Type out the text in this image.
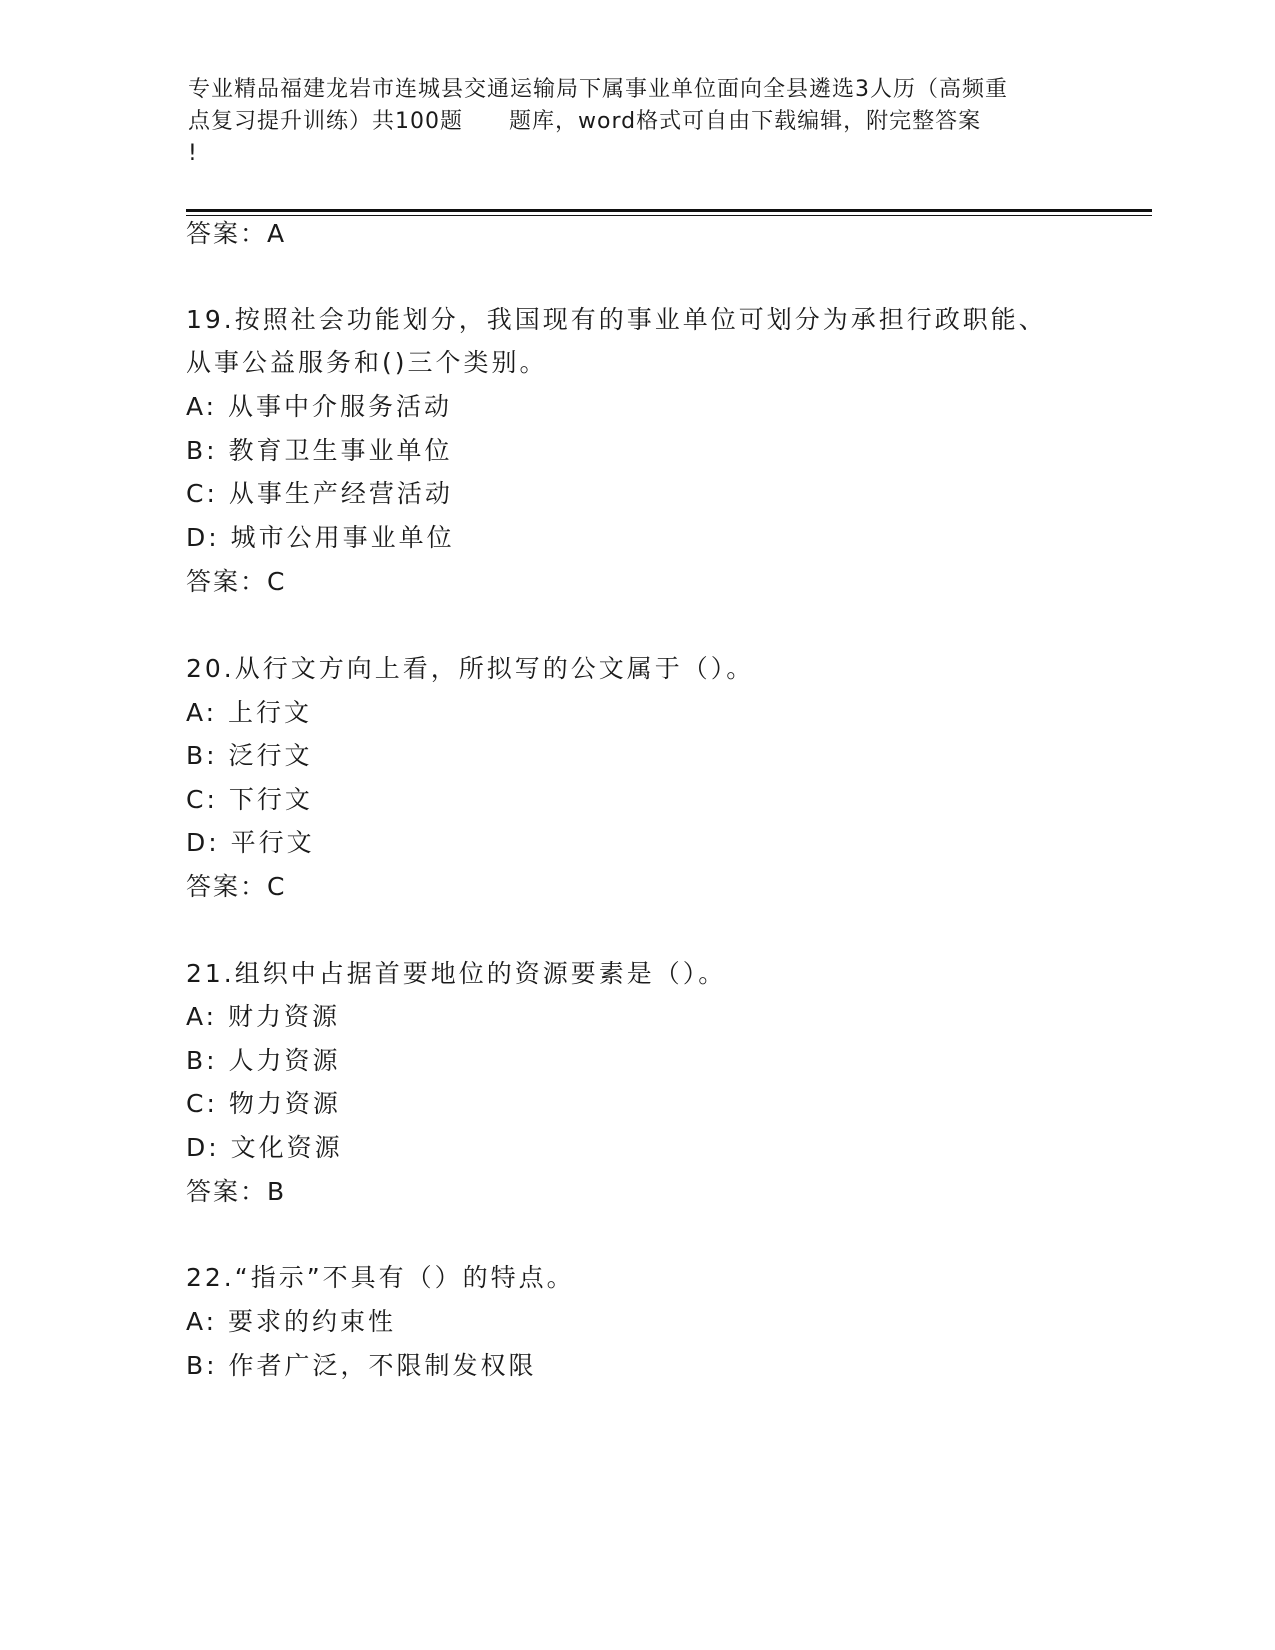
专业精品福建龙岩市连城县交通运输局下属事业单位面向全县遴选3人历（高频重
点复习提升训练）共100题　　题库，word格式可自由下载编辑，附完整答案
!
答案：A
19.按照社会功能划分，我国现有的事业单位可划分为承担行政职能、
从事公益服务和()三个类别。
A: 从事中介服务活动
B: 教育卫生事业单位
C: 从事生产经营活动
D: 城市公用事业单位
答案：C
20.从行文方向上看，所拟写的公文属于（）。
A: 上行文
B: 泛行文
C: 下行文
D: 平行文
答案：C
21.组织中占据首要地位的资源要素是（）。
A: 财力资源
B: 人力资源
C: 物力资源
D: 文化资源
答案：B
22.“指示”不具有（）的特点。
A: 要求的约束性
B: 作者广泛，不限制发权限
